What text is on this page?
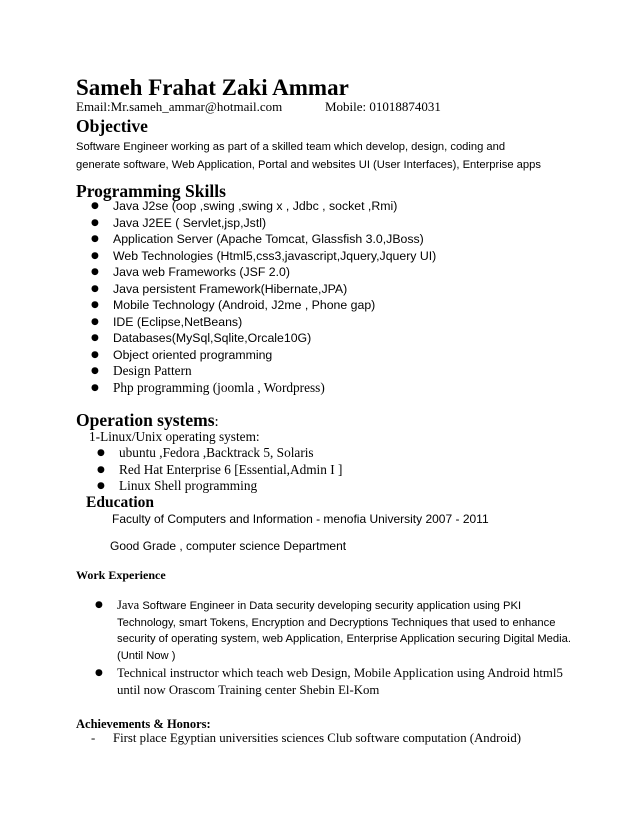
Sameh Frahat Zaki Ammar
Email:Mr.sameh_ammar@hotmail.com	Mobile: 01018874031
Objective
Software Engineer working as part of a skilled team which develop, design, coding and
generate software, Web Application, Portal and websites UI (User Interfaces), Enterprise apps
Programming Skills
● Java J2se (oop ,swing ,swing x , Jdbc , socket ,Rmi)
● Java J2EE ( Servlet,jsp,Jstl)
● Application Server (Apache Tomcat, Glassfish 3.0,JBoss)
● Web Technologies (Html5,css3,javascript,Jquery,Jquery UI)
● Java web Frameworks (JSF 2.0)
● Java persistent Framework(Hibernate,JPA)
● Mobile Technology (Android, J2me , Phone gap)
● IDE (Eclipse,NetBeans)
● Databases(MySql,Sqlite,Orcale10G)
● Object oriented programming
● Design Pattern
● Php programming (joomla , Wordpress)
Operation systems:
1-Linux/Unix operating system:
● ubuntu ,Fedora ,Backtrack 5, Solaris
● Red Hat Enterprise 6 [Essential,Admin I ]
● Linux Shell programming
Education
Faculty of Computers and Information - menofia University 2007 - 2011
Good Grade , computer science Department
Work Experience
● Java Software Engineer in Data security developing security application using PKI Technology, smart Tokens, Encryption and Decryptions Techniques that used to enhance security of operating system, web Application, Enterprise Application securing Digital Media. (Until Now )
● Technical instructor which teach web Design, Mobile Application using Android html5 until now Orascom Training center Shebin El-Kom
Achievements & Honors:
- First place Egyptian universities sciences Club software computation (Android)
